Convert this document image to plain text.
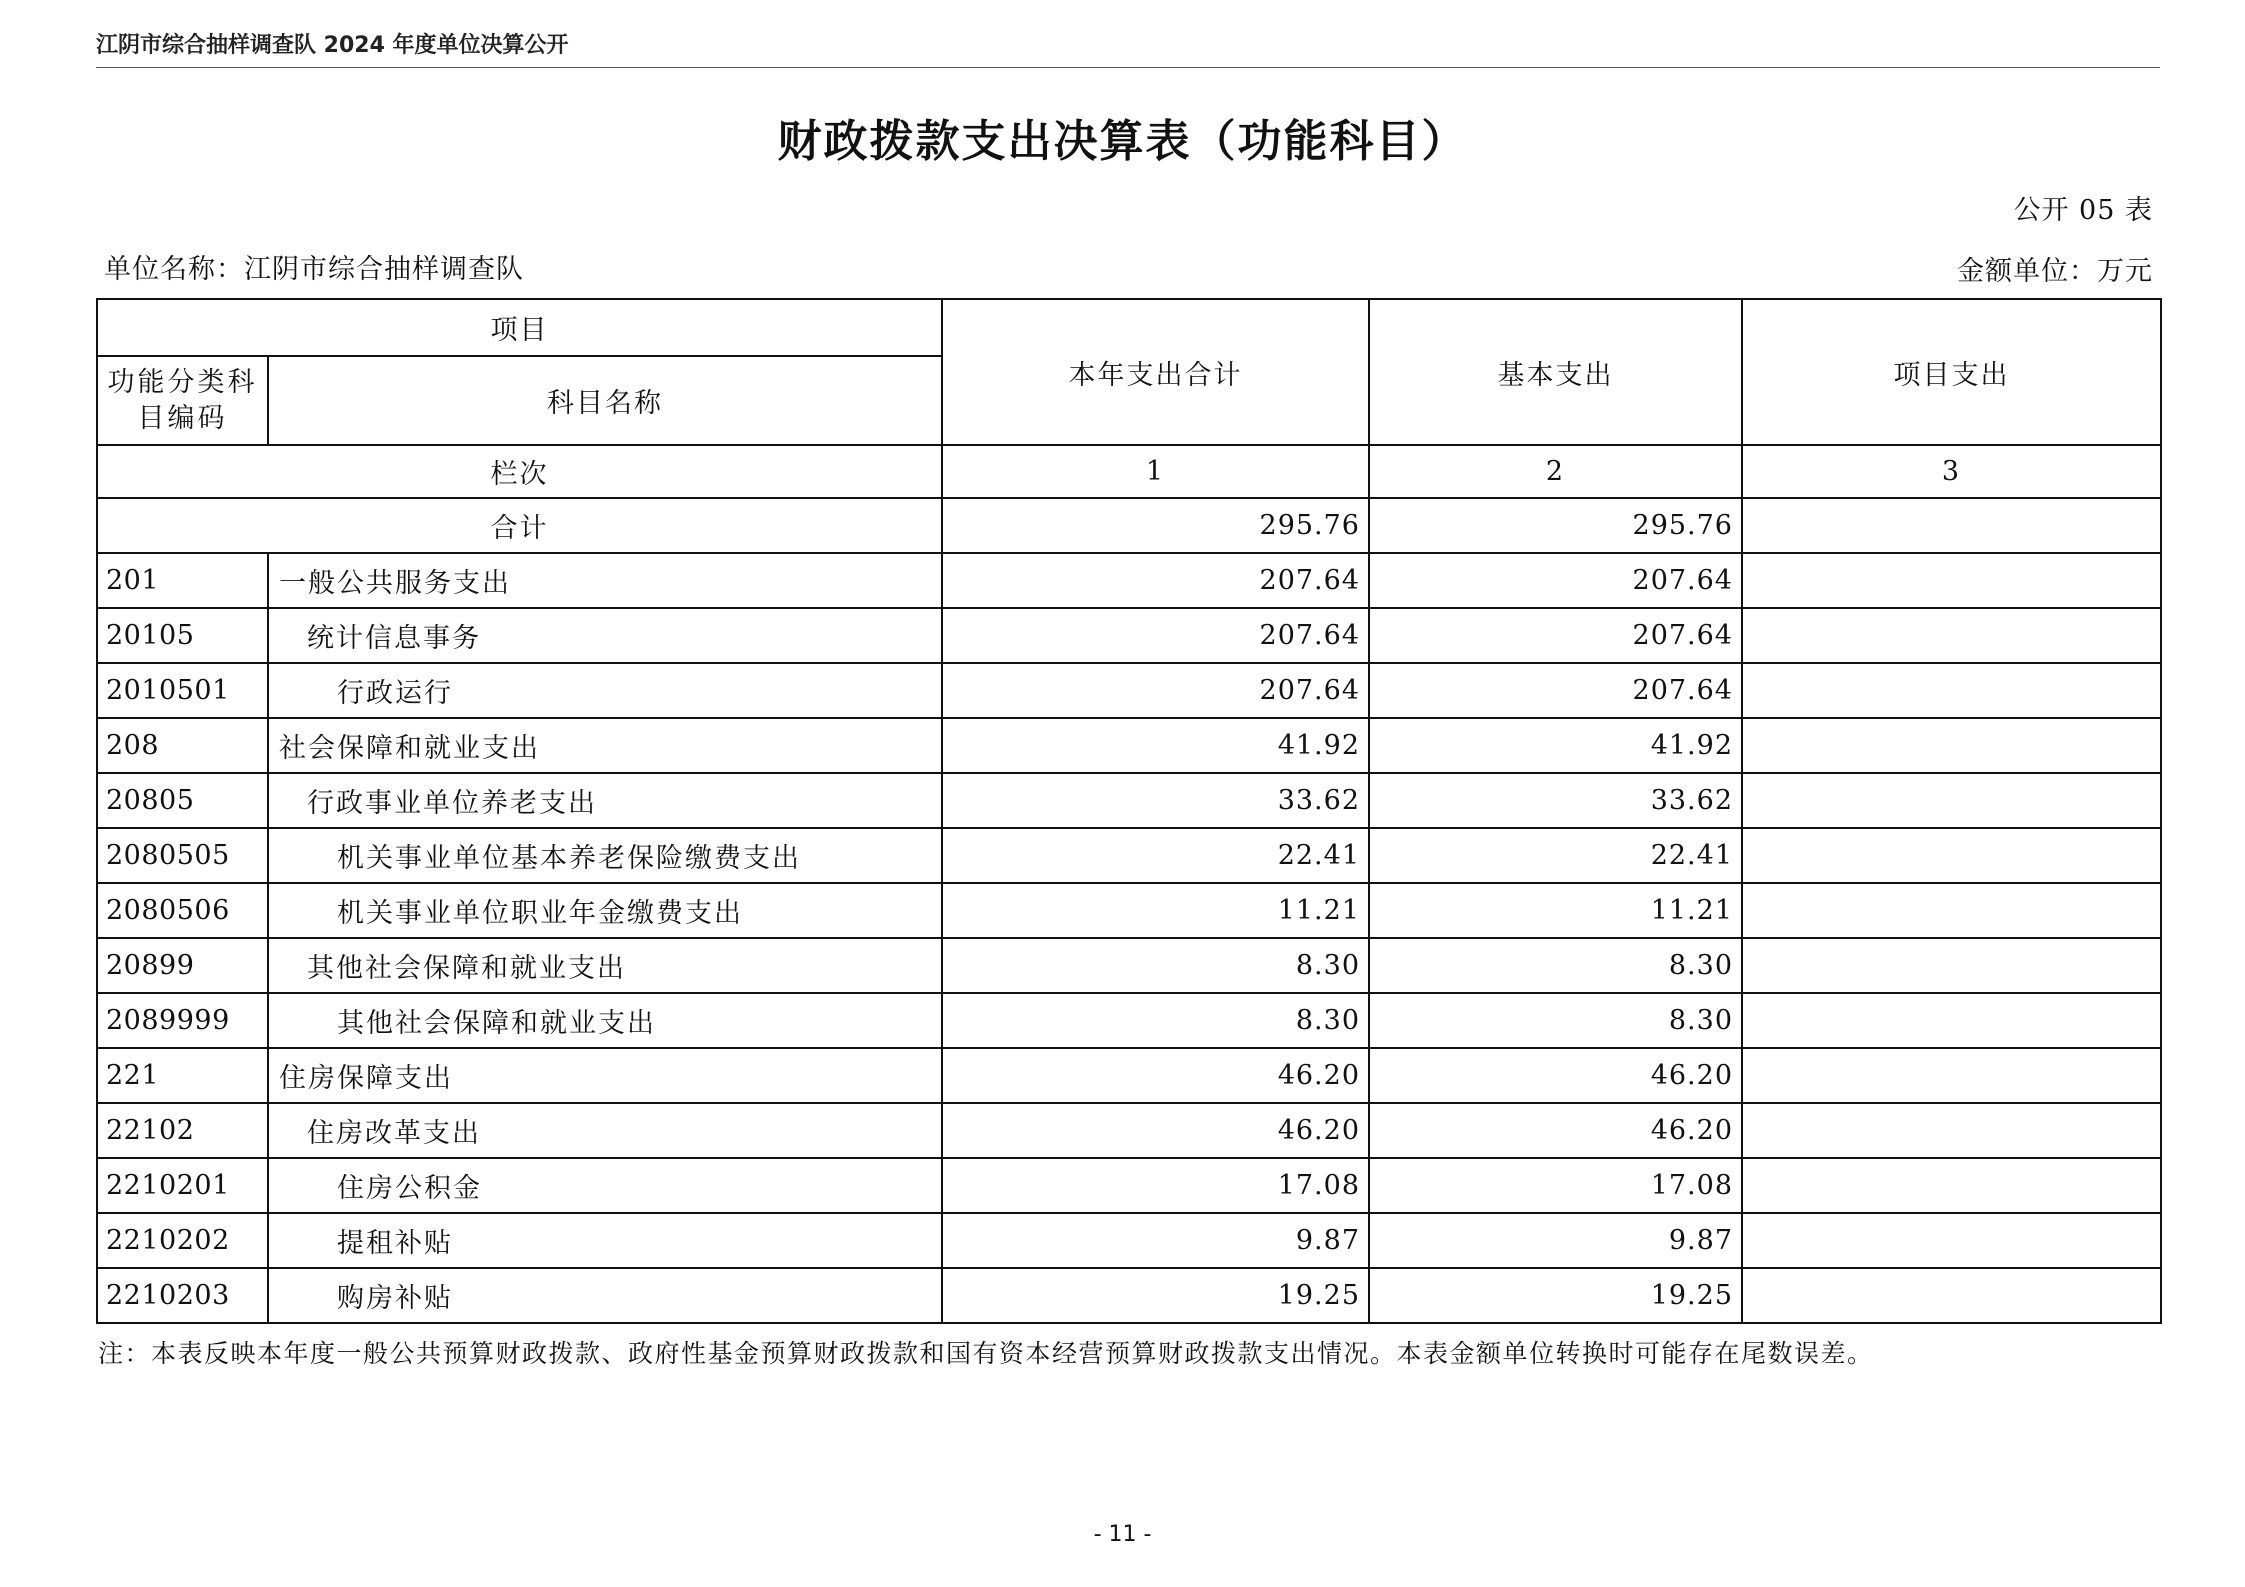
江阴市综合抽样调查队 2024 年度单位决算公开
财政拨款支出决算表（功能科目）
公开 05 表
单位名称：江阴市综合抽样调查队	金额单位：万元
项目		本年支出合计	基本支出	项目支出
功能分类科目编码	科目名称			
栏次		1	2	3
合计		295.76	295.76	
201	一般公共服务支出	207.64	207.64	
20105	统计信息事务	207.64	207.64	
2010501	行政运行	207.64	207.64	
208	社会保障和就业支出	41.92	41.92	
20805	行政事业单位养老支出	33.62	33.62	
2080505	机关事业单位基本养老保险缴费支出	22.41	22.41	
2080506	机关事业单位职业年金缴费支出	11.21	11.21	
20899	其他社会保障和就业支出	8.30	8.30	
2089999	其他社会保障和就业支出	8.30	8.30	
221	住房保障支出	46.20	46.20	
22102	住房改革支出	46.20	46.20	
2210201	住房公积金	17.08	17.08	
2210202	提租补贴	9.87	9.87	
2210203	购房补贴	19.25	19.25	
注：本表反映本年度一般公共预算财政拨款、政府性基金预算财政拨款和国有资本经营预算财政拨款支出情况。本表金额单位转换时可能存在尾数误差。
- 11 -
